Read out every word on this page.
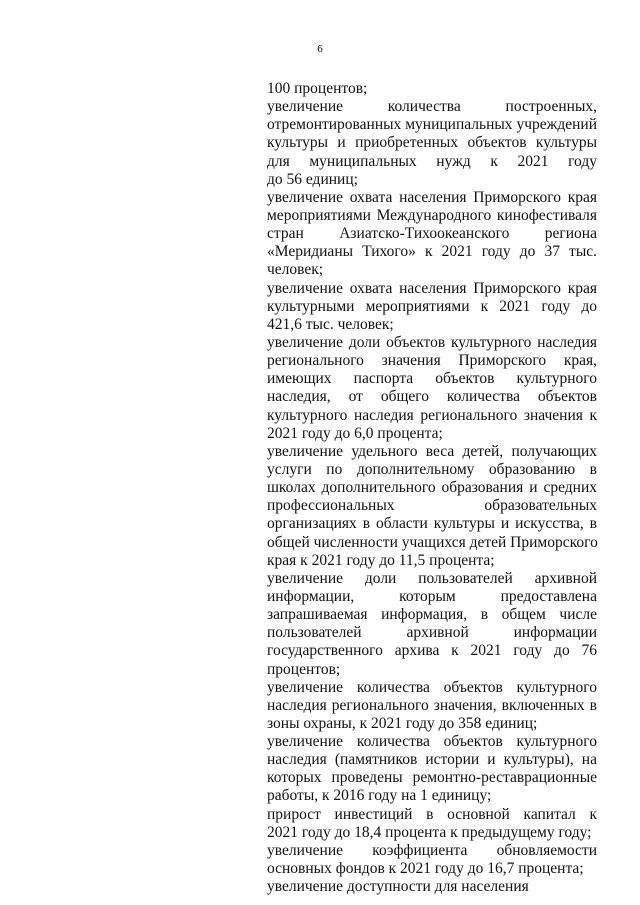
6
100 процентов;
увеличение количества построенных,
отремонтированных муниципальных учреждений
культуры и приобретенных объектов культуры
для муниципальных нужд к 2021 году
до 56 единиц;
увеличение охвата населения Приморского края
мероприятиями Международного кинофестиваля
стран Азиатско-Тихоокеанского региона
«Меридианы Тихого» к 2021 году до 37 тыс.
человек;
увеличение охвата населения Приморского края
культурными мероприятиями к 2021 году до
421,6 тыс. человек;
увеличение доли объектов культурного наследия
регионального значения Приморского края,
имеющих паспорта объектов культурного
наследия, от общего количества объектов
культурного наследия регионального значения к
2021 году до 6,0 процента;
увеличение удельного веса детей, получающих
услуги по дополнительному образованию в
школах дополнительного образования и средних
профессиональных образовательных
организациях в области культуры и искусства, в
общей численности учащихся детей Приморского
края к 2021 году до 11,5 процента;
увеличение доли пользователей архивной
информации, которым предоставлена
запрашиваемая информация, в общем числе
пользователей архивной информации
государственного архива к 2021 году до 76
процентов;
увеличение количества объектов культурного
наследия регионального значения, включенных в
зоны охраны, к 2021 году до 358 единиц;
увеличение количества объектов культурного
наследия (памятников истории и культуры), на
которых проведены ремонтно-реставрационные
работы, к 2016 году на 1 единицу;
прирост инвестиций в основной капитал к
2021 году до 18,4 процента к предыдущему году;
увеличение коэффициента обновляемости
основных фондов к 2021 году до 16,7 процента;
увеличение доступности для населения
